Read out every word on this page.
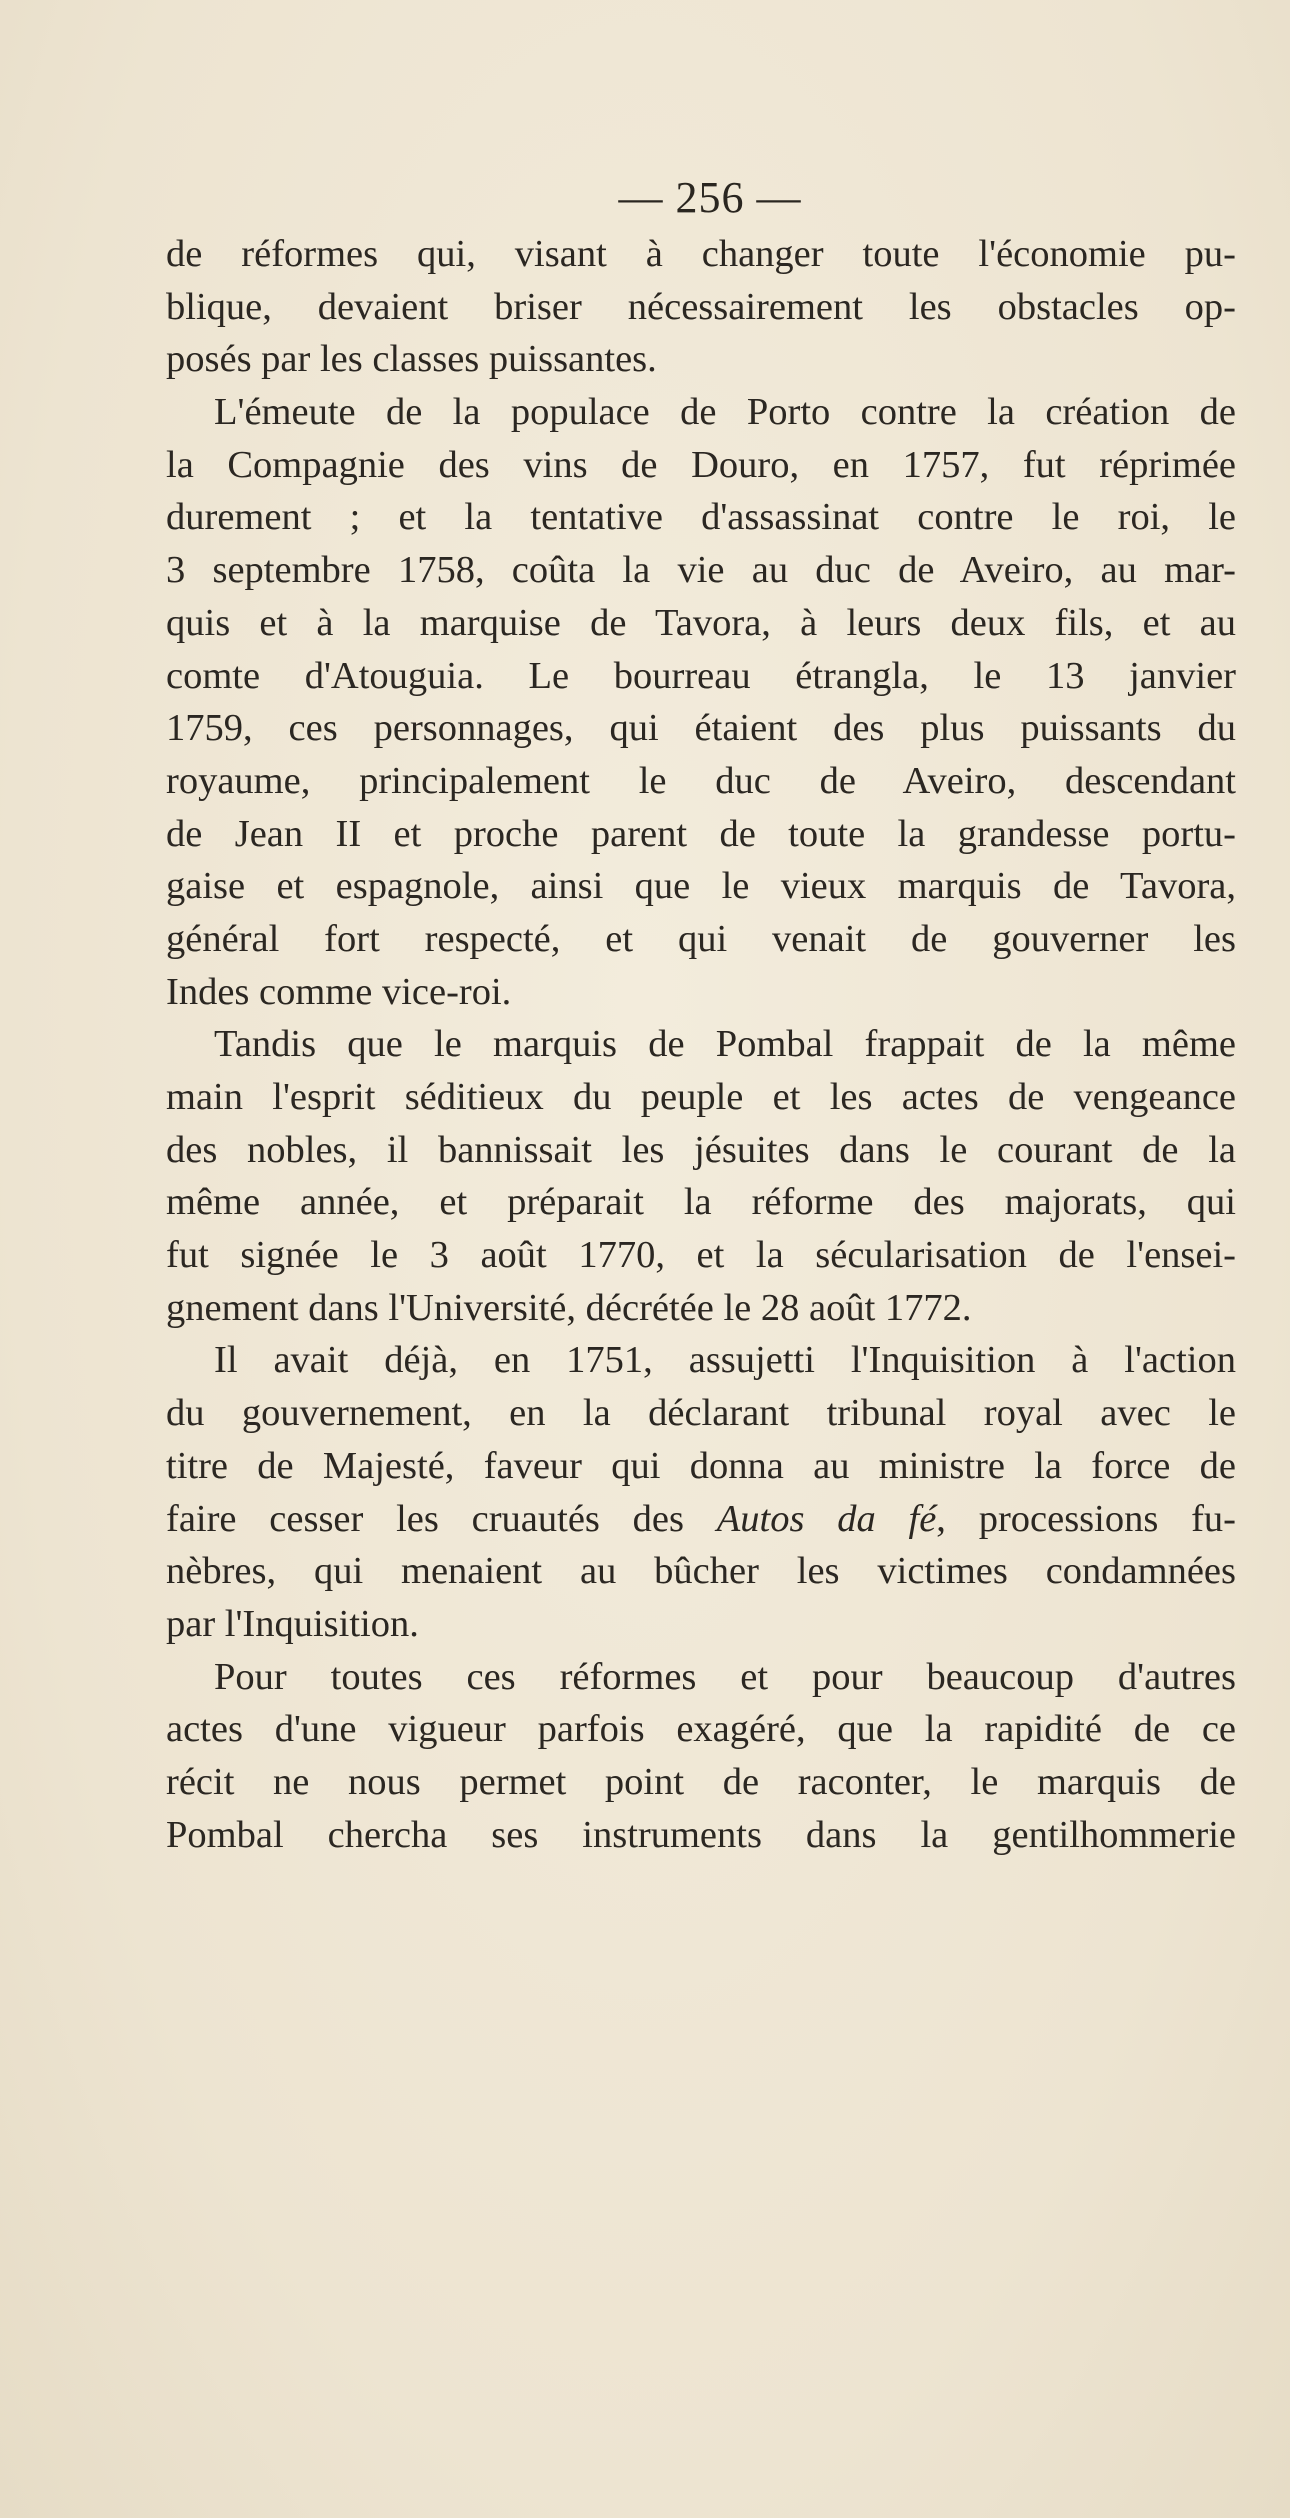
— 256 —
de réformes qui, visant à changer toute l'économie pu-
blique, devaient briser nécessairement les obstacles op-
posés par les classes puissantes.
L'émeute de la populace de Porto contre la création de
la Compagnie des vins de Douro, en 1757, fut réprimée
durement ; et la tentative d'assassinat contre le roi, le
3 septembre 1758, coûta la vie au duc de Aveiro, au mar-
quis et à la marquise de Tavora, à leurs deux fils, et au
comte d'Atouguia. Le bourreau étrangla, le 13 janvier
1759, ces personnages, qui étaient des plus puissants du
royaume, principalement le duc de Aveiro, descendant
de Jean II et proche parent de toute la grandesse portu-
gaise et espagnole, ainsi que le vieux marquis de Tavora,
général fort respecté, et qui venait de gouverner les
Indes comme vice-roi.
Tandis que le marquis de Pombal frappait de la même
main l'esprit séditieux du peuple et les actes de vengeance
des nobles, il bannissait les jésuites dans le courant de la
même année, et préparait la réforme des majorats, qui
fut signée le 3 août 1770, et la sécularisation de l'ensei-
gnement dans l'Université, décrétée le 28 août 1772.
Il avait déjà, en 1751, assujetti l'Inquisition à l'action
du gouvernement, en la déclarant tribunal royal avec le
titre de Majesté, faveur qui donna au ministre la force de
faire cesser les cruautés des Autos da fé, processions fu-
nèbres, qui menaient au bûcher les victimes condamnées
par l'Inquisition.
Pour toutes ces réformes et pour beaucoup d'autres
actes d'une vigueur parfois exagéré, que la rapidité de ce
récit ne nous permet point de raconter, le marquis de
Pombal chercha ses instruments dans la gentilhommerie
